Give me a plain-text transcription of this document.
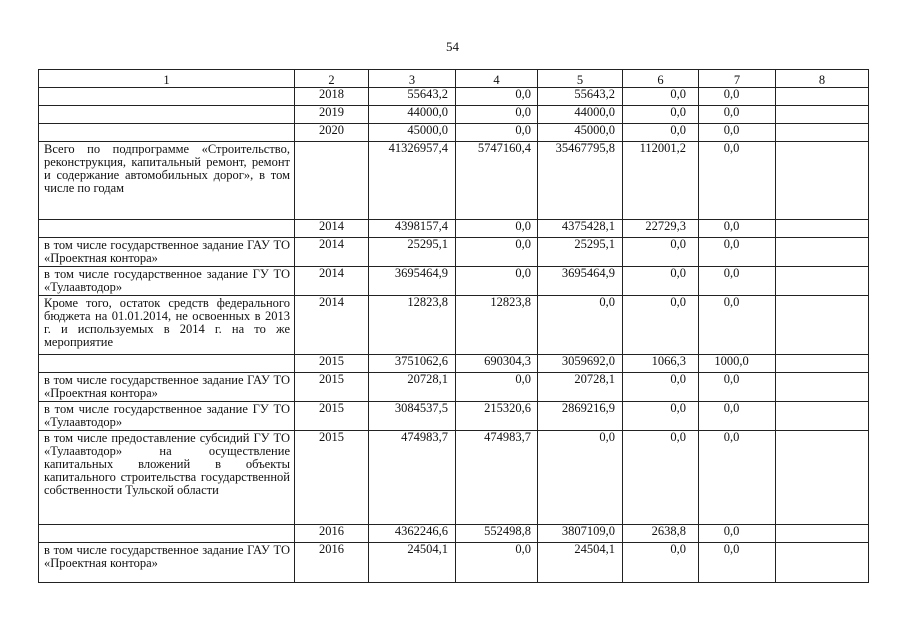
54
1	2	3	4	5	6	7	8
	2018	55643,2	0,0	55643,2	0,0	0,0	
	2019	44000,0	0,0	44000,0	0,0	0,0	
	2020	45000,0	0,0	45000,0	0,0	0,0	
Всего по подпрограмме «Строительство, реконструкция, капитальный ремонт, ремонт и содержание автомобильных дорог», в том числе по годам		41326957,4	5747160,4	35467795,8	112001,2	0,0	
	2014	4398157,4	0,0	4375428,1	22729,3	0,0	
в том числе государственное задание ГАУ ТО «Проектная контора»	2014	25295,1	0,0	25295,1	0,0	0,0	
в том числе государственное задание ГУ ТО «Тулаавтодор»	2014	3695464,9	0,0	3695464,9	0,0	0,0	
Кроме того, остаток средств федерального бюджета на 01.01.2014, не освоенных в 2013 г. и используемых в 2014 г. на то же мероприятие	2014	12823,8	12823,8	0,0	0,0	0,0	
	2015	3751062,6	690304,3	3059692,0	1066,3	1000,0	
в том числе государственное задание ГАУ ТО «Проектная контора»	2015	20728,1	0,0	20728,1	0,0	0,0	
в том числе государственное задание ГУ ТО «Тулаавтодор»	2015	3084537,5	215320,6	2869216,9	0,0	0,0	
в том числе предоставление субсидий ГУ ТО «Тулаавтодор» на осуществление капитальных вложений в объекты капитального строительства государственной собственности Тульской области	2015	474983,7	474983,7	0,0	0,0	0,0	
	2016	4362246,6	552498,8	3807109,0	2638,8	0,0	
в том числе государственное задание ГАУ ТО «Проектная контора»	2016	24504,1	0,0	24504,1	0,0	0,0	
